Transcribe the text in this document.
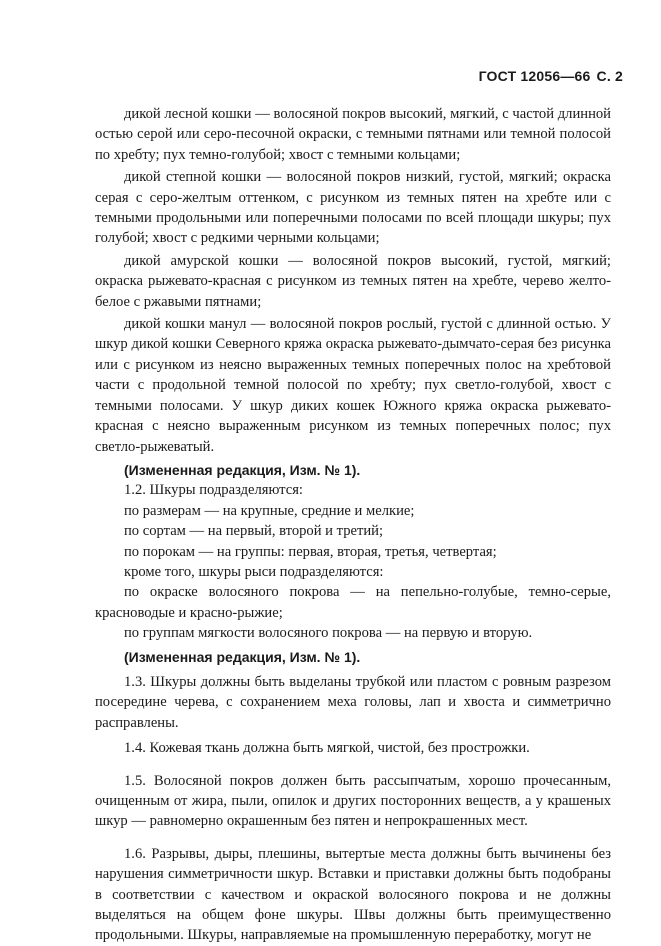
ГОСТ 12056—66 С. 2

дикой лесной кошки — волосяной покров высокий, мягкий, с частой длинной остью серой или серо-песочной окраски, с темными пятнами или темной полосой по хребту; пух темно-голубой; хвост с темными кольцами;

дикой степной кошки — волосяной покров низкий, густой, мягкий; окраска серая с серо-желтым оттенком, с рисунком из темных пятен на хребте или с темными продольными или поперечными полосами по всей площади шкуры; пух голубой; хвост с редкими черными кольцами;

дикой амурской кошки — волосяной покров высокий, густой, мягкий; окраска рыжевато-красная с рисунком из темных пятен на хребте, черево желто-белое с ржавыми пятнами;

дикой кошки манул — волосяной покров рослый, густой с длинной остью. У шкур дикой кошки Северного кряжа окраска рыжевато-дымчато-серая без рисунка или с рисунком из неясно выраженных темных поперечных полос на хребтовой части с продольной темной полосой по хребту; пух светло-голубой, хвост с темными полосами. У шкур диких кошек Южного кряжа окраска рыжевато-красная с неясно выраженным рисунком из темных поперечных полос; пух светло-рыжеватый.

(Измененная редакция, Изм. № 1).

1.2. Шкуры подразделяются:

по размерам — на крупные, средние и мелкие;

по сортам — на первый, второй и третий;

по порокам — на группы: первая, вторая, третья, четвертая;

кроме того, шкуры рыси подразделяются:

по окраске волосяного покрова — на пепельно-голубые, темно-серые, красноводые и красно-рыжие;

по группам мягкости волосяного покрова — на первую и вторую.

(Измененная редакция, Изм. № 1).

1.3. Шкуры должны быть выделаны трубкой или пластом с ровным разрезом посередине черева, с сохранением меха головы, лап и хвоста и симметрично расправлены.

1.4. Кожевая ткань должна быть мягкой, чистой, без прострожки.

1.5. Волосяной покров должен быть рассыпчатым, хорошо прочесанным, очищенным от жира, пыли, опилок и других посторонних веществ, а у крашеных шкур — равномерно окрашенным без пятен и непрокрашенных мест.

1.6. Разрывы, дыры, плешины, вытертые места должны быть вычинены без нарушения симметричности шкур. Вставки и приставки должны быть подобраны в соответствии с качеством и окраской волосяного покрова и не должны выделяться на общем фоне шкуры. Швы должны быть преимущественно продольными. Шкуры, направляемые на промышленную переработку, могут не
